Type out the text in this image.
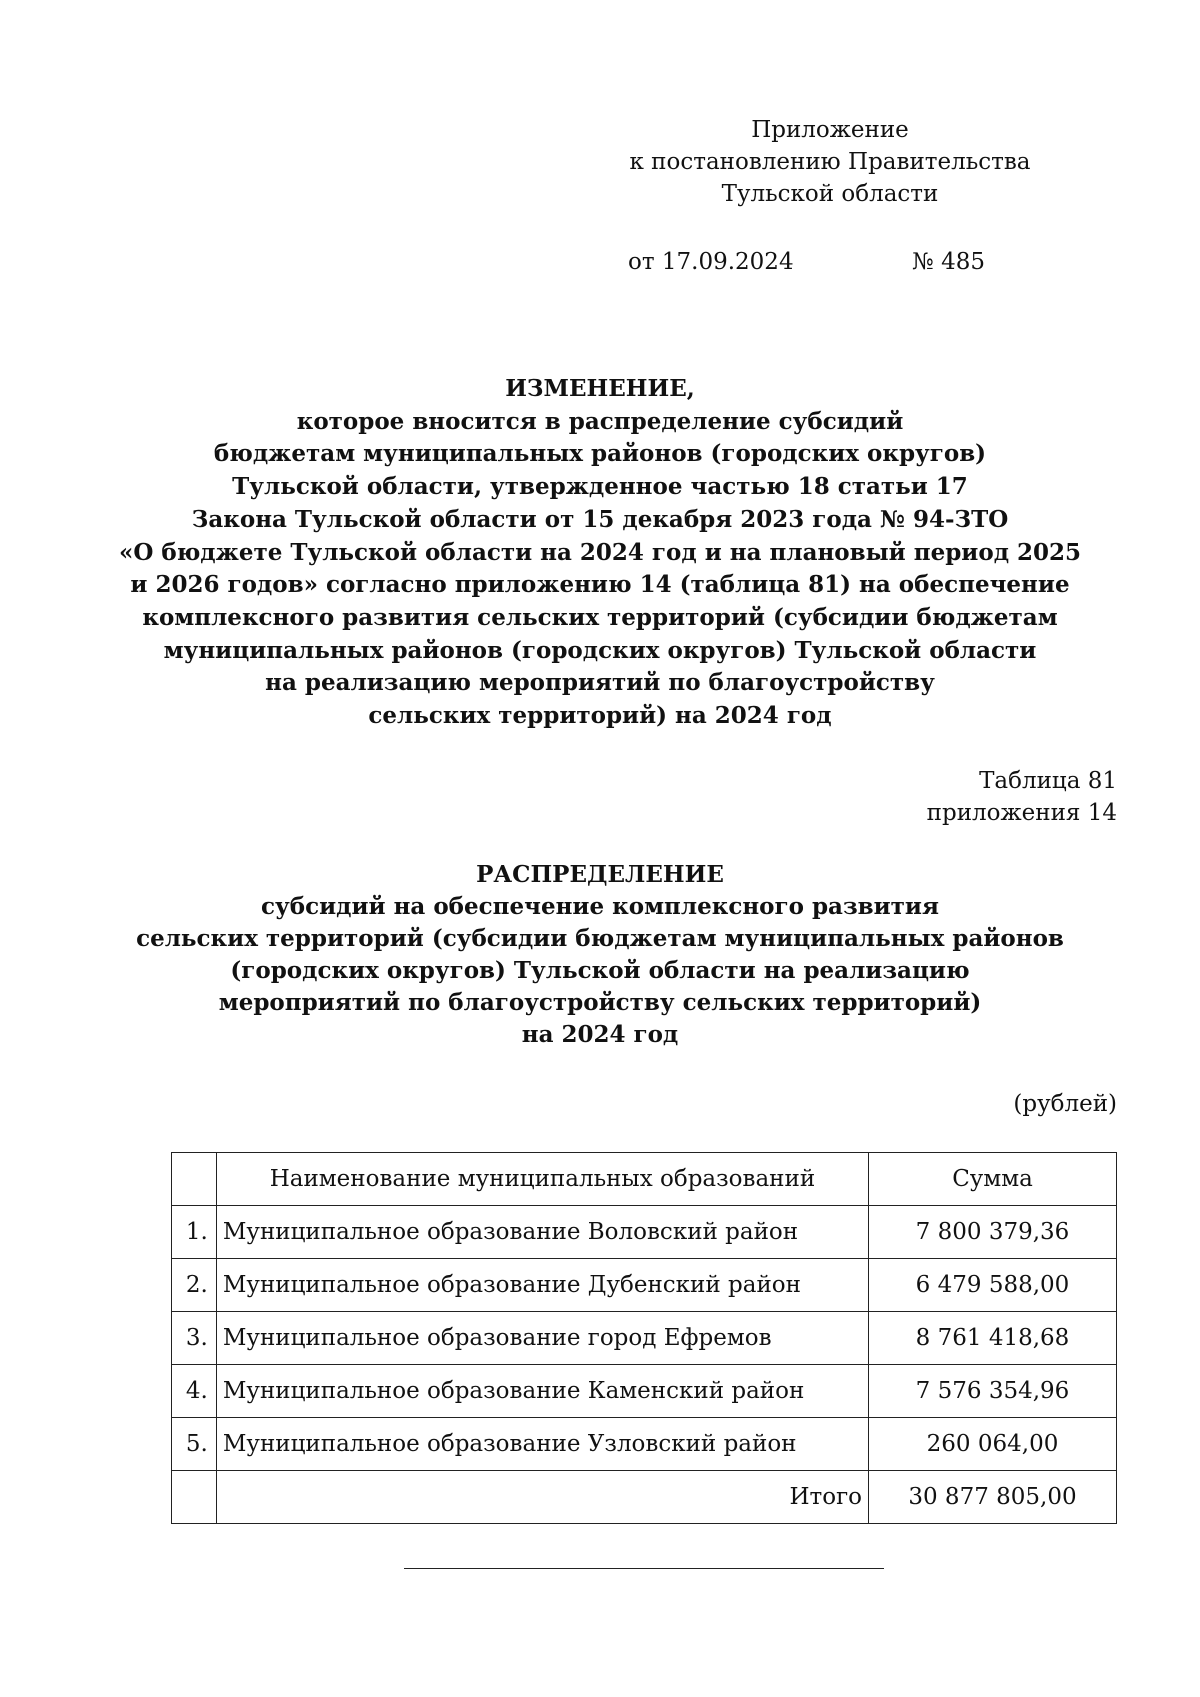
Приложение
к постановлению Правительства
Тульской области
от 17.09.2024	№ 485
ИЗМЕНЕНИЕ,
которое вносится в распределение субсидий
бюджетам муниципальных районов (городских округов)
Тульской области, утвержденное частью 18 статьи 17
Закона Тульской области от 15 декабря 2023 года № 94-ЗТО
«О бюджете Тульской области на 2024 год и на плановый период 2025
и 2026 годов» согласно приложению 14 (таблица 81) на обеспечение
комплексного развития сельских территорий (субсидии бюджетам
муниципальных районов (городских округов) Тульской области
на реализацию мероприятий по благоустройству
сельских территорий) на 2024 год
Таблица 81
приложения 14
РАСПРЕДЕЛЕНИЕ
субсидий на обеспечение комплексного развития
сельских территорий (субсидии бюджетам муниципальных районов
(городских округов) Тульской области на реализацию
мероприятий по благоустройству сельских территорий)
на 2024 год
(рублей)
	Наименование муниципальных образований	Сумма
1.	Муниципальное образование Воловский район	7 800 379,36
2.	Муниципальное образование Дубенский район	6 479 588,00
3.	Муниципальное образование город Ефремов	8 761 418,68
4.	Муниципальное образование Каменский район	7 576 354,96
5.	Муниципальное образование Узловский район	260 064,00
	Итого	30 877 805,00
